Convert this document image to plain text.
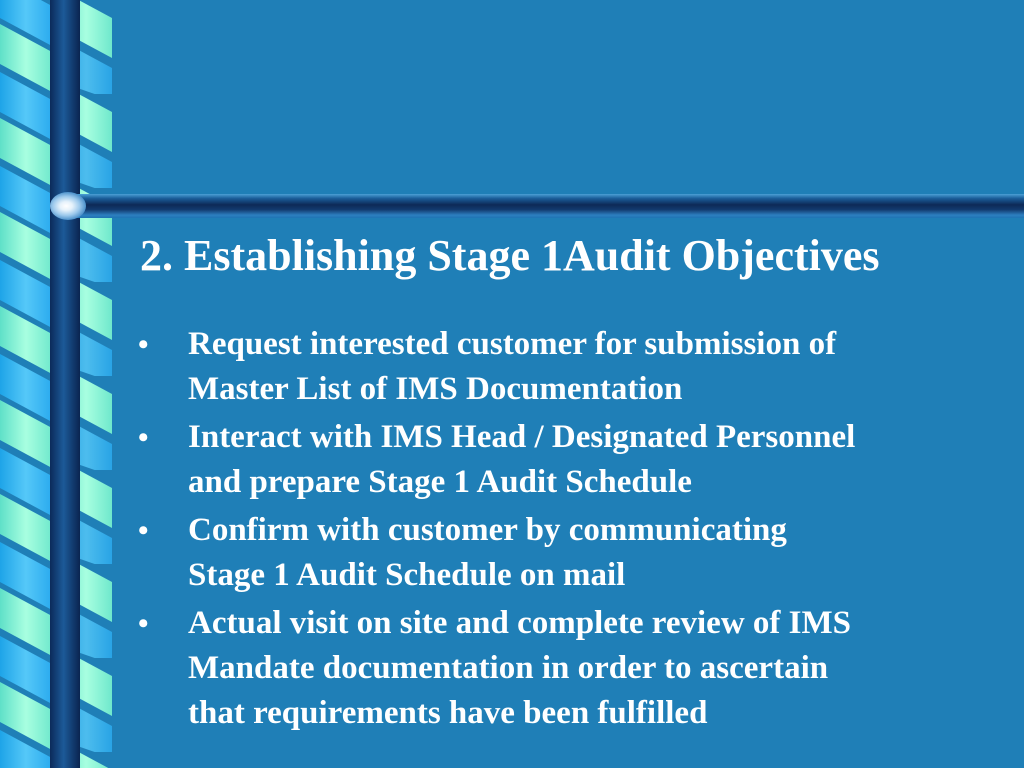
2. Establishing Stage 1Audit Objectives
•	Request interested customer for submission of
Master List of IMS Documentation
•	Interact with IMS Head / Designated Personnel
and prepare Stage 1 Audit Schedule
•	Confirm with customer by communicating
Stage 1 Audit Schedule on mail
•	Actual visit on site and complete review of IMS
Mandate documentation in order to ascertain
that requirements have been fulfilled
